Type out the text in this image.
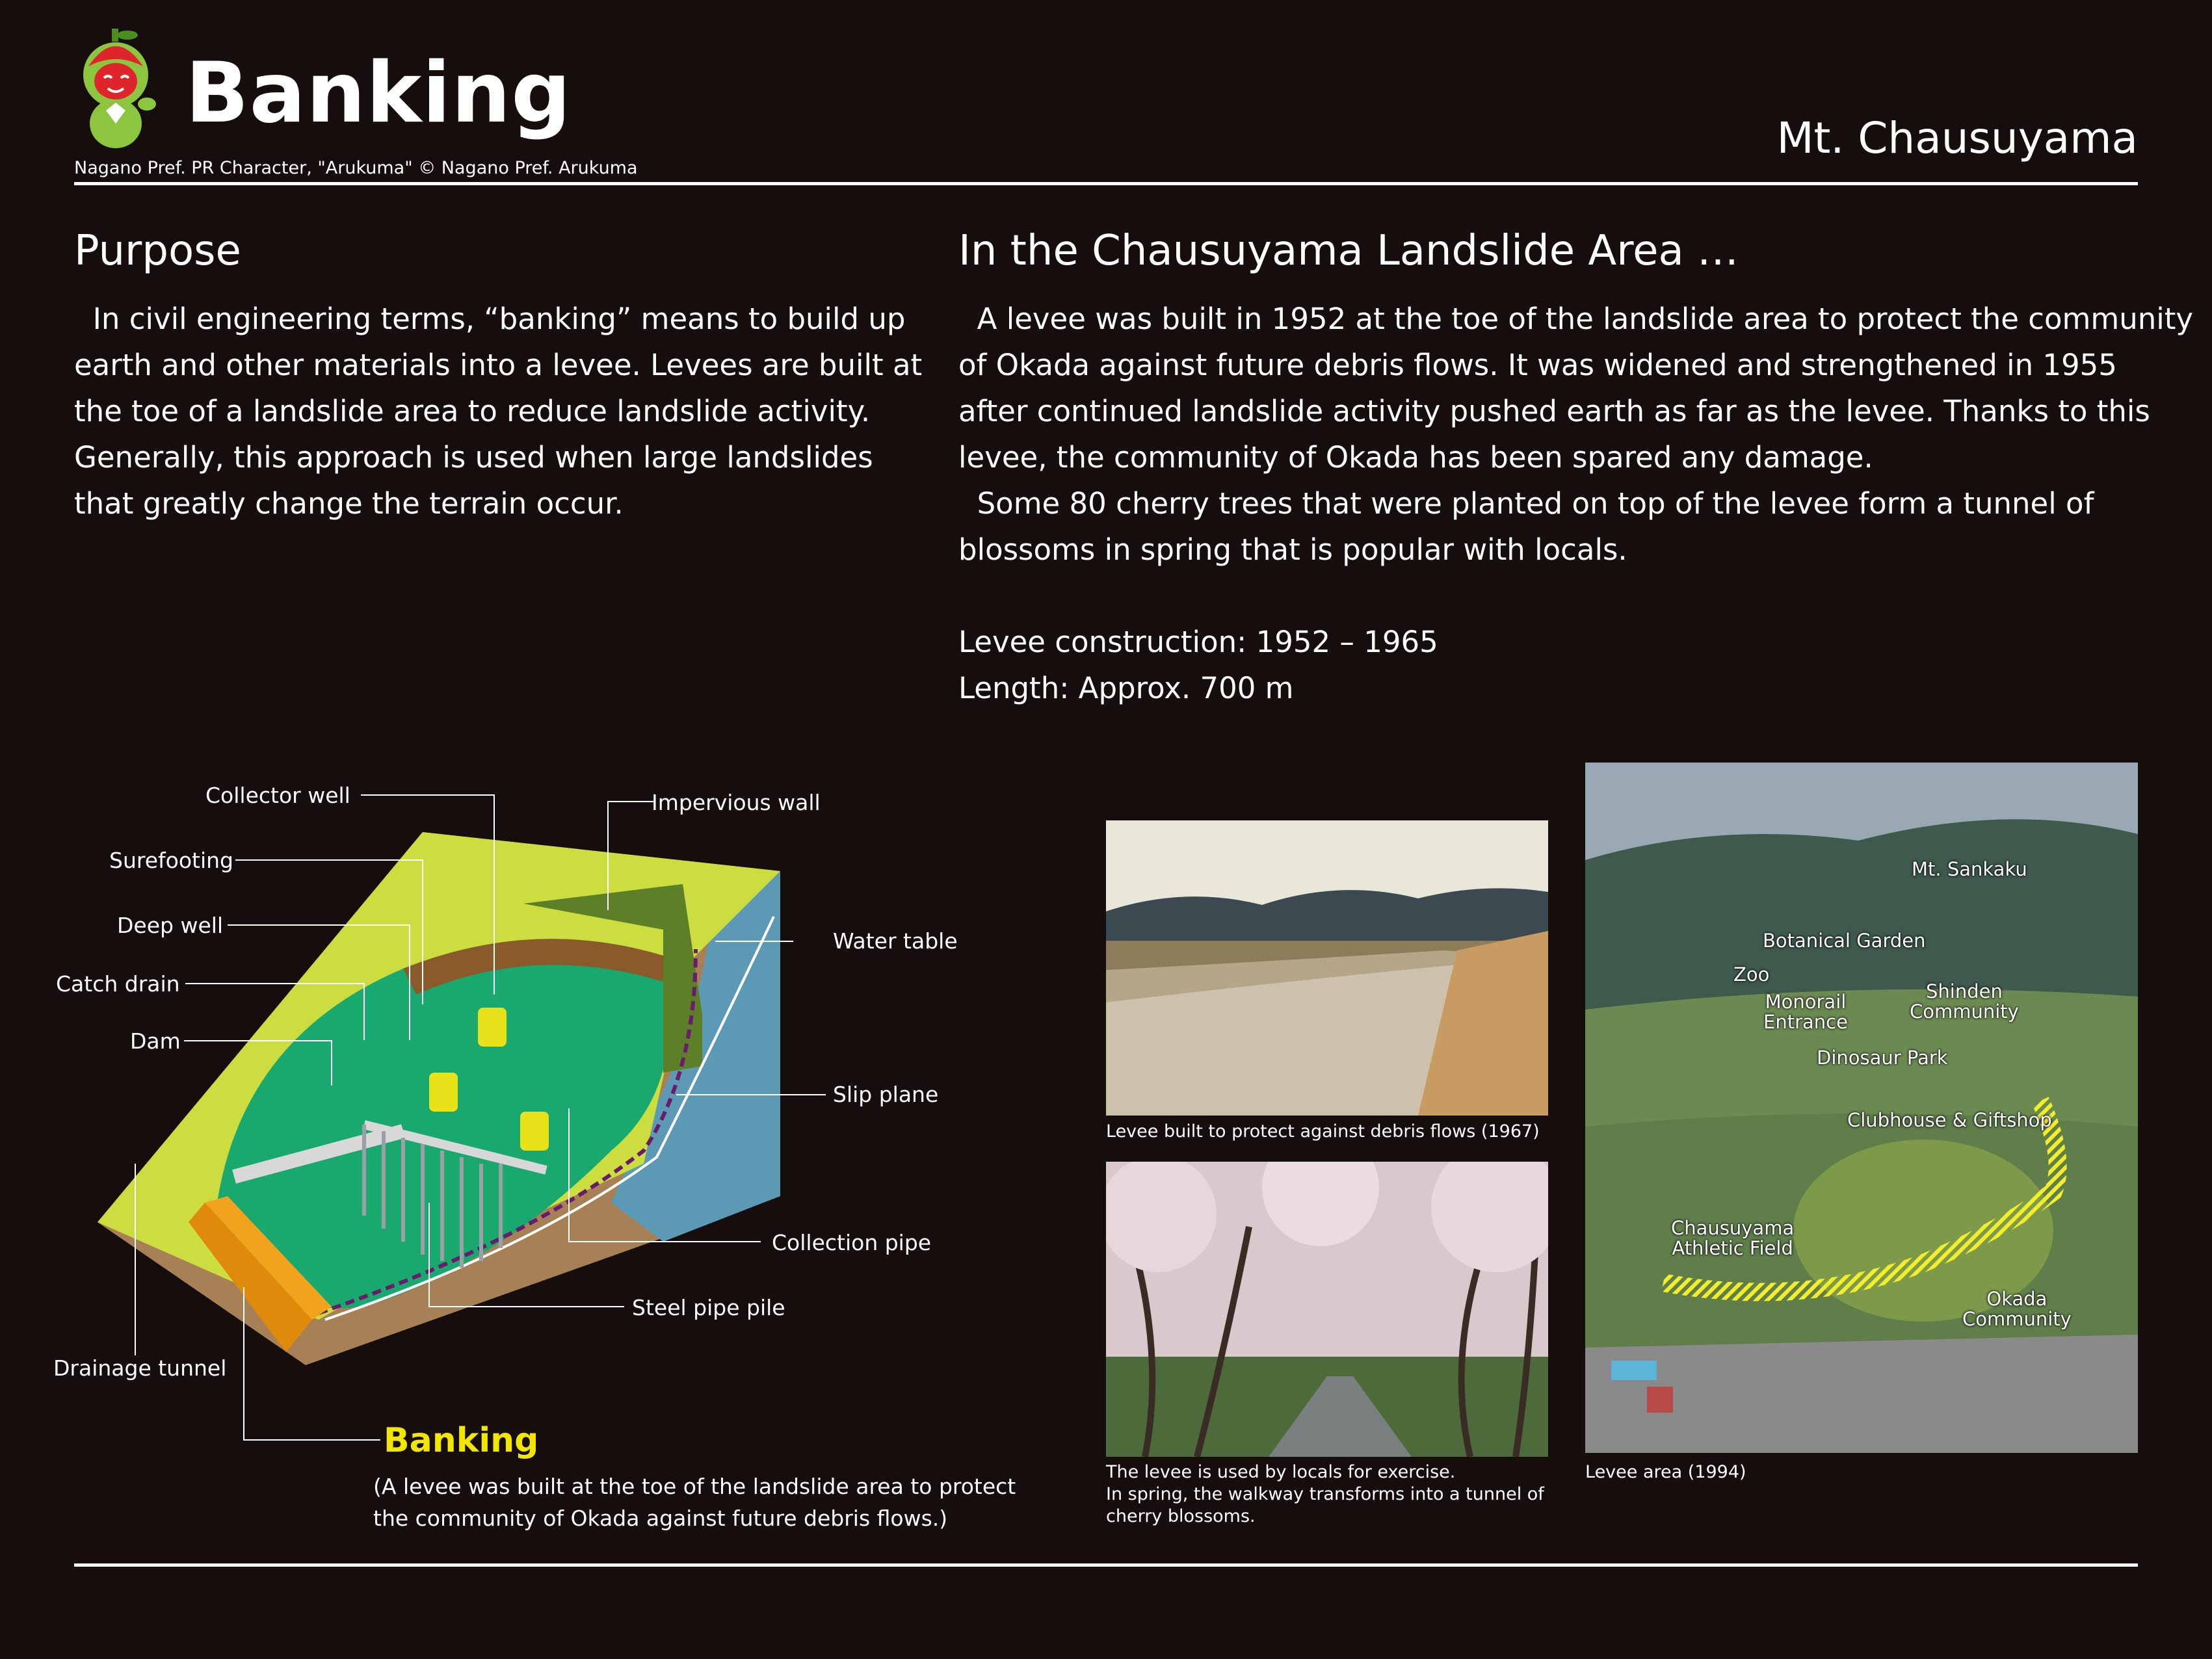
Banking
Nagano Pref. PR Character, "Arukuma" © Nagano Pref. Arukuma
Mt. Chausuyama
Purpose
In civil engineering terms, “banking” means to build up
earth and other materials into a levee. Levees are built at
the toe of a landslide area to reduce landslide activity.
Generally, this approach is used when large landslides
that greatly change the terrain occur.
In the Chausuyama Landslide Area …
A levee was built in 1952 at the toe of the landslide area to protect the community
of Okada against future debris flows. It was widened and strengthened in 1955
after continued landslide activity pushed earth as far as the levee. Thanks to this
levee, the community of Okada has been spared any damage.
Some 80 cherry trees that were planted on top of the levee form a tunnel of
blossoms in spring that is popular with locals.

Levee construction: 1952 – 1965
Length: Approx. 700 m
Collector well
Surefooting
Deep well
Catch drain
Dam
Impervious wall
Water table
Slip plane
Collection pipe
Steel pipe pile
Drainage tunnel
Banking
(A levee was built at the toe of the landslide area to protect
the community of Okada against future debris flows.)
Levee built to protect against debris flows (1967)
The levee is used by locals for exercise.
In spring, the walkway transforms into a tunnel of
cherry blossoms.
Levee area (1994)
Mt. Sankaku
Botanical Garden
Zoo
Monorail
Entrance
Shinden
Community
Dinosaur Park
Clubhouse & Giftshop
Chausuyama
Athletic Field
Okada
Community
